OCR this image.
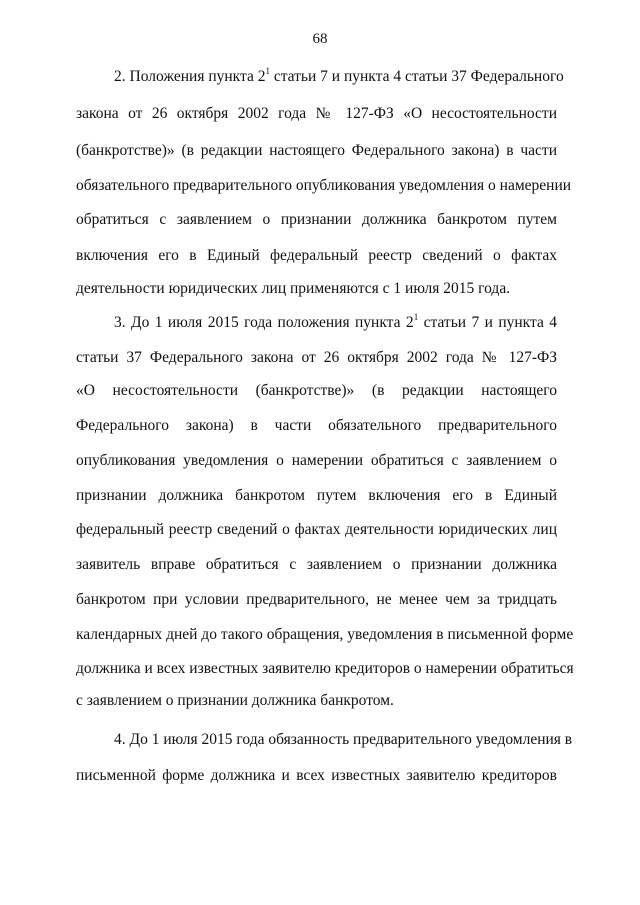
68
2. Положения пункта $2^1$ статьи 7 и пункта 4 статьи 37 Федерального
закона от 26 октября 2002 года № 127-ФЗ «О несостоятельности
(банкротстве)» (в редакции настоящего Федерального закона) в части
обязательного предварительного опубликования уведомления о намерении
обратиться с заявлением о признании должника банкротом путем
включения его в Единый федеральный реестр сведений о фактах
деятельности юридических лиц применяются с 1 июля 2015 года.
3. До 1 июля 2015 года положения пункта $2^1$ статьи 7 и пункта 4
статьи 37 Федерального закона от 26 октября 2002 года № 127-ФЗ
«О несостоятельности (банкротстве)» (в редакции настоящего
Федерального закона) в части обязательного предварительного
опубликования уведомления о намерении обратиться с заявлением о
признании должника банкротом путем включения его в Единый
федеральный реестр сведений о фактах деятельности юридических лиц
заявитель вправе обратиться с заявлением о признании должника
банкротом при условии предварительного, не менее чем за тридцать
календарных дней до такого обращения, уведомления в письменной форме
должника и всех известных заявителю кредиторов о намерении обратиться
с заявлением о признании должника банкротом.
4. До 1 июля 2015 года обязанность предварительного уведомления в
письменной форме должника и всех известных заявителю кредиторов
